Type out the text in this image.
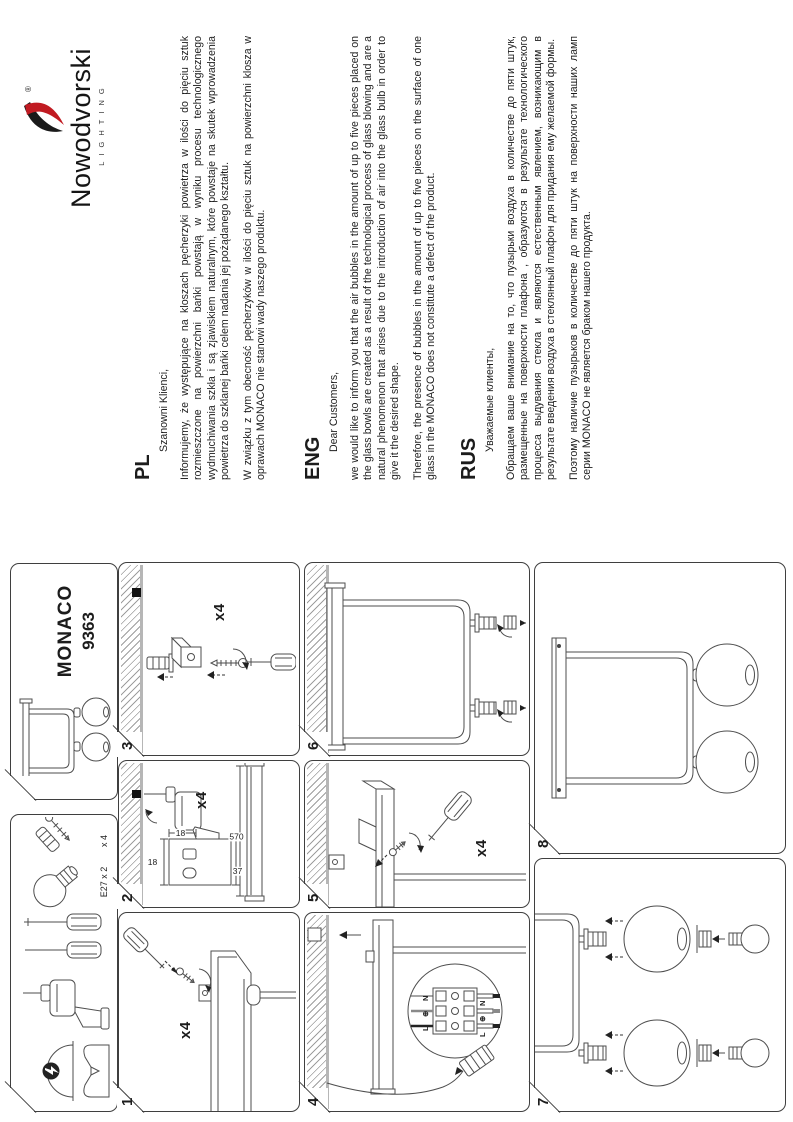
E27 x 2
x 4
MONACO 9363
® Nowodvorski LIGHTING
PL
Szanowni Klienci, Informujemy, że występujące na kloszach pęcherzyki powietrza w ilości do pięciu sztuk rozmieszczone na powierzchni bańki powstają w wyniku procesu technologicznego wydmuchiwania szkła i są zjawiskiem naturalnym, które powstaje na skutek wprowadzenia powietrza do szklanej bańki celem nadania jej pożądanego kształtu. W związku z tym obecność pęcherzyków w ilości do pięciu sztuk na powierzchni klosza w oprawach MONACO nie stanowi wady naszego produktu. ENG
Dear Customers, we would like to inform you that the air bubbles in the amount of up to five pieces placed on the glass bowls are created as a result of the technological process of glass blowing and are a natural phenomenon that arises due to the introduction of air into the glass bulb in order to give it the desired shape. Therefore, the presence of bubbles in the amount of up to five pieces on the surface of one glass in the MONACO does not constitute a defect of the product. RUS
Уважаемые клиенты, Обращаем ваше внимание на то, что пузырьки воздуха в количестве до пяти штук, размещенные на поверхности плафона , образуются в результате технологического процесса выдувания стекла и являются естественным явлением, возникающим в результате введения воздуха в стеклянный плафон для придания ему желаемой формы. Поэтому наличие пузырьков в количестве до пяти штук на поверхности наших ламп серии MONACO не является браком нашего продукта.

1
x4
2
x4
18
18
37
570
3
x4
4
L
⊕
N
L
⊕
N
5
x4
6
7
8
